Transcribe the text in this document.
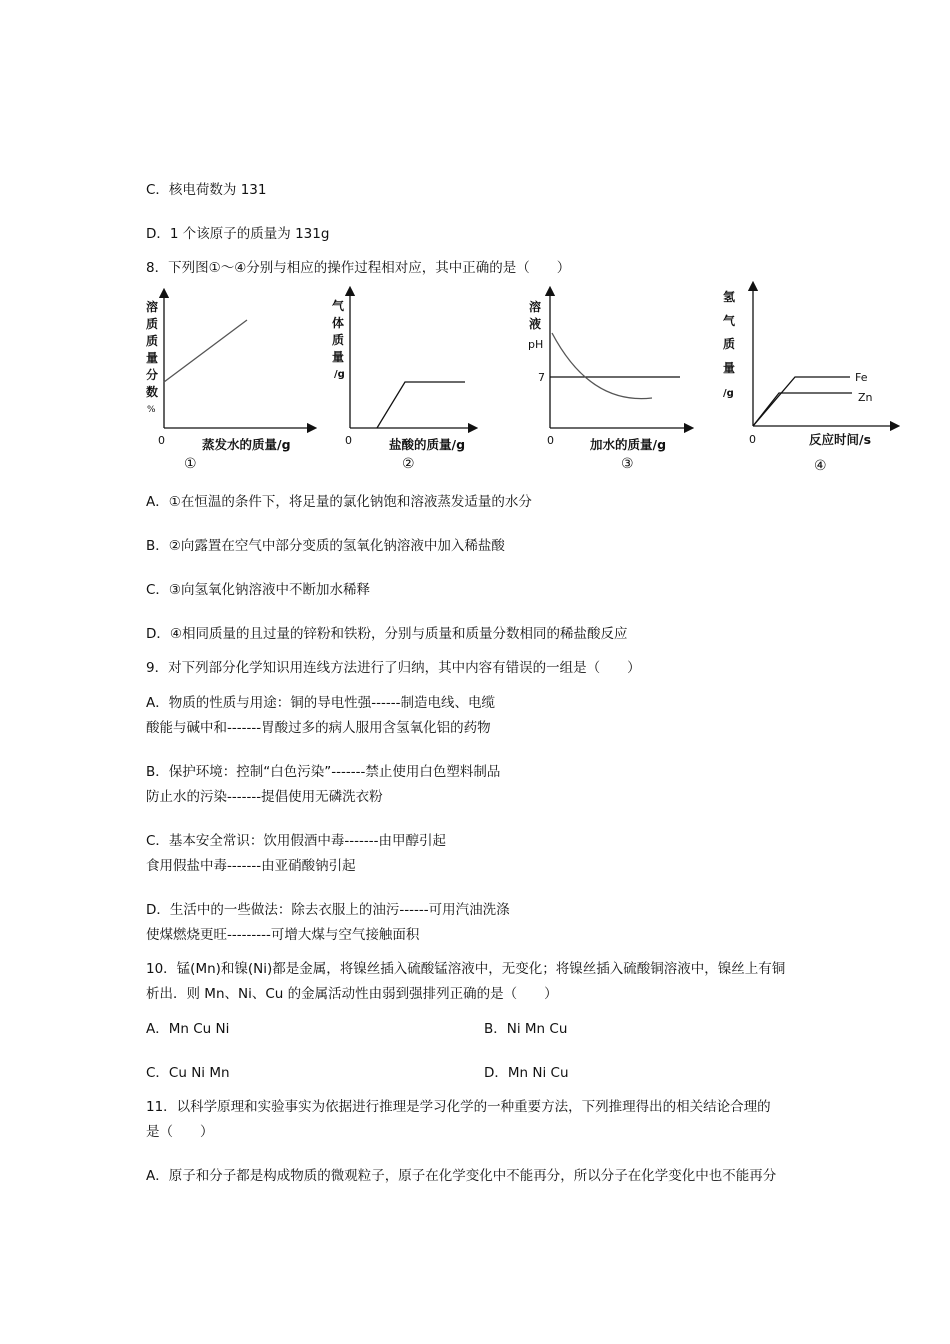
C．核电荷数为 131
D．1 个该原子的质量为 131g
8．下列图①～④分别与相应的操作过程相对应，其中正确的是（　　）
溶
质
质
量
分
数
%
0	蒸发水的质量/g
①
气
体
质
量
/g
0	盐酸的质量/g
②
溶
液
pH
7
0	加水的质量/g
③
Fe
Zn
氢
气
质
量
/g
0	反应时间/s
④
A．①在恒温的条件下，将足量的氯化钠饱和溶液蒸发适量的水分
B．②向露置在空气中部分变质的氢氧化钠溶液中加入稀盐酸
C．③向氢氧化钠溶液中不断加水稀释
D．④相同质量的且过量的锌粉和铁粉，分别与质量和质量分数相同的稀盐酸反应
9．对下列部分化学知识用连线方法进行了归纳，其中内容有错误的一组是（　　）
A．物质的性质与用途：铜的导电性强------制造电线、电缆
酸能与碱中和-------胃酸过多的病人服用含氢氧化铝的药物
B．保护环境：控制“白色污染”-------禁止使用白色塑料制品
防止水的污染-------提倡使用无磷洗衣粉
C．基本安全常识：饮用假酒中毒-------由甲醇引起
食用假盐中毒-------由亚硝酸钠引起
D．生活中的一些做法：除去衣服上的油污------可用汽油洗涤
使煤燃烧更旺---------可增大煤与空气接触面积
10．锰(Mn)和镍(Ni)都是金属，将镍丝插入硫酸锰溶液中，无变化；将镍丝插入硫酸铜溶液中，镍丝上有铜
析出．则 Mn、Ni、Cu 的金属活动性由弱到强排列正确的是（　　）
A．Mn Cu Ni	B．Ni Mn Cu
C．Cu Ni Mn	D．Mn Ni Cu
11．以科学原理和实验事实为依据进行推理是学习化学的一种重要方法，下列推理得出的相关结论合理的
是（　　）
A．原子和分子都是构成物质的微观粒子，原子在化学变化中不能再分，所以分子在化学变化中也不能再分
